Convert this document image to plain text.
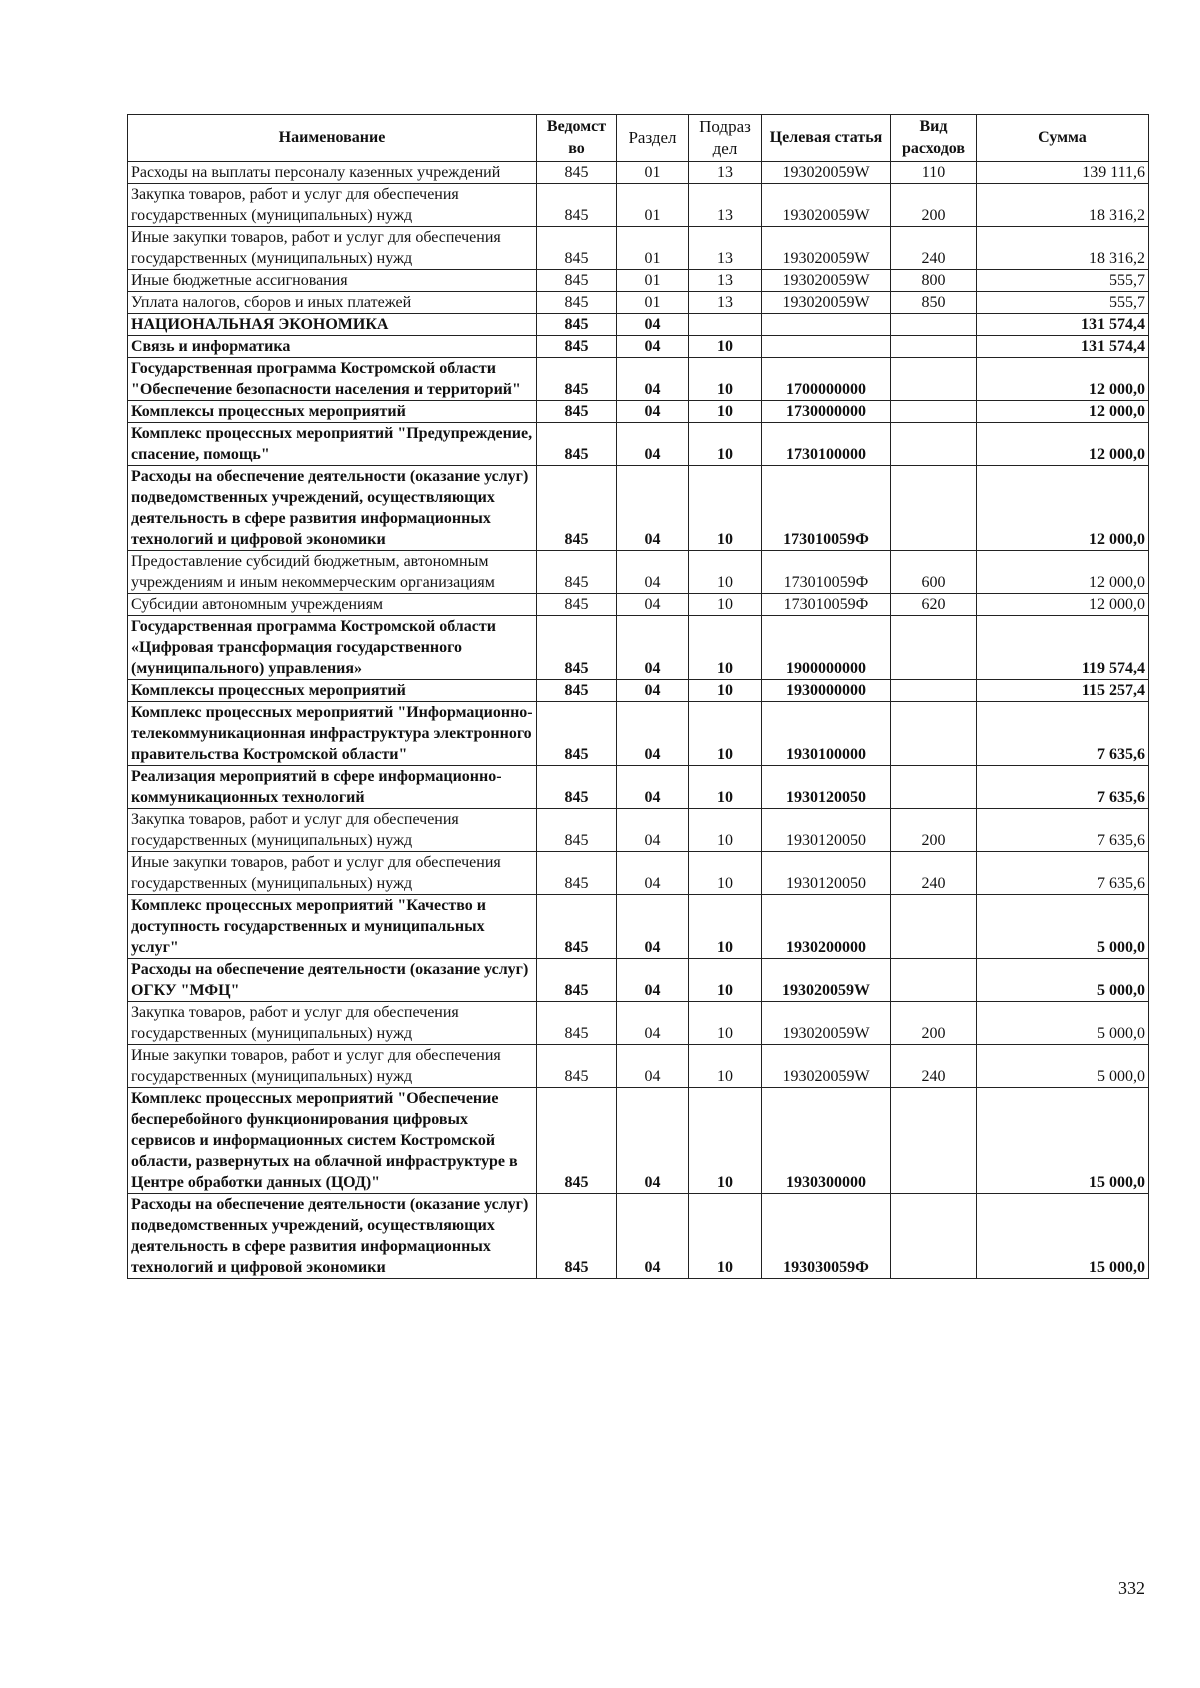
Наименование	Ведомст во	Раздел	Подраз дел	Целевая статья	Вид расходов	Сумма
Расходы на выплаты персоналу казенных учреждений	845	01	13	193020059W	110	139 111,6
Закупка товаров, работ и услуг для обеспечения государственных (муниципальных) нужд	845	01	13	193020059W	200	18 316,2
Иные закупки товаров, работ и услуг для обеспечения государственных (муниципальных) нужд	845	01	13	193020059W	240	18 316,2
Иные бюджетные ассигнования	845	01	13	193020059W	800	555,7
Уплата налогов, сборов и иных платежей	845	01	13	193020059W	850	555,7
НАЦИОНАЛЬНАЯ ЭКОНОМИКА	845	04				131 574,4
Связь и информатика	845	04	10			131 574,4
Государственная программа Костромской области "Обеспечение безопасности населения и территорий"	845	04	10	1700000000		12 000,0
Комплексы процессных мероприятий	845	04	10	1730000000		12 000,0
Комплекс процессных мероприятий "Предупреждение, спасение, помощь"	845	04	10	1730100000		12 000,0
Расходы на обеспечение деятельности (оказание услуг) подведомственных учреждений, осуществляющих деятельность в сфере развития информационных технологий и цифровой экономики	845	04	10	173010059Ф		12 000,0
Предоставление субсидий бюджетным, автономным учреждениям и иным некоммерческим организациям	845	04	10	173010059Ф	600	12 000,0
Субсидии автономным учреждениям	845	04	10	173010059Ф	620	12 000,0
Государственная программа Костромской области «Цифровая трансформация государственного (муниципального) управления»	845	04	10	1900000000		119 574,4
Комплексы процессных мероприятий	845	04	10	1930000000		115 257,4
Комплекс процессных мероприятий "Информационно-телекоммуникационная инфраструктура электронного правительства Костромской области"	845	04	10	1930100000		7 635,6
Реализация мероприятий в сфере информационно-коммуникационных технологий	845	04	10	1930120050		7 635,6
Закупка товаров, работ и услуг для обеспечения государственных (муниципальных) нужд	845	04	10	1930120050	200	7 635,6
Иные закупки товаров, работ и услуг для обеспечения государственных (муниципальных) нужд	845	04	10	1930120050	240	7 635,6
Комплекс процессных мероприятий "Качество и доступность государственных и муниципальных услуг"	845	04	10	1930200000		5 000,0
Расходы на обеспечение деятельности (оказание услуг) ОГКУ "МФЦ"	845	04	10	193020059W		5 000,0
Закупка товаров, работ и услуг для обеспечения государственных (муниципальных) нужд	845	04	10	193020059W	200	5 000,0
Иные закупки товаров, работ и услуг для обеспечения государственных (муниципальных) нужд	845	04	10	193020059W	240	5 000,0
Комплекс процессных мероприятий "Обеспечение бесперебойного функционирования цифровых сервисов и информационных систем Костромской области, развернутых на облачной инфраструктуре в Центре обработки данных (ЦОД)"	845	04	10	1930300000		15 000,0
Расходы на обеспечение деятельности (оказание услуг) подведомственных учреждений, осуществляющих деятельность в сфере развития информационных технологий и цифровой экономики	845	04	10	193030059Ф		15 000,0
332
